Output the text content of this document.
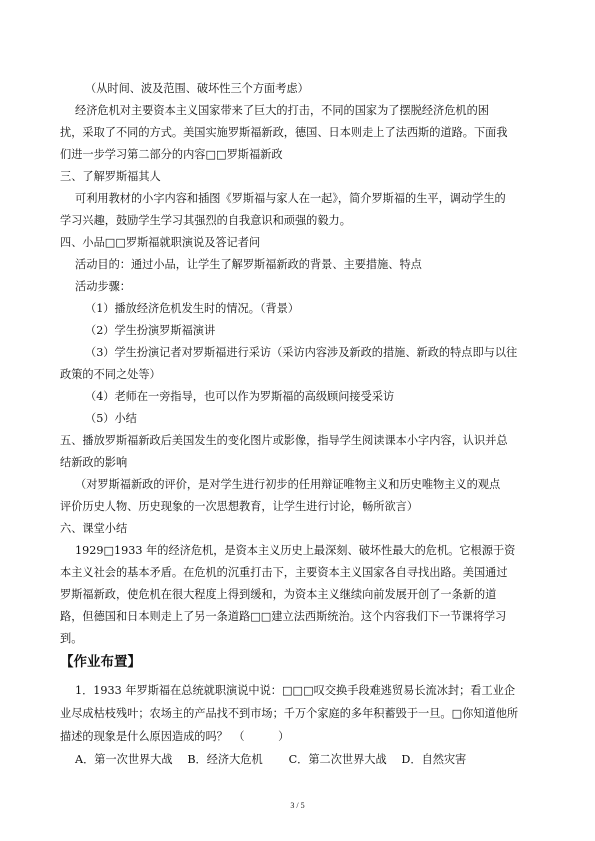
（从时间、波及范围、破坏性三个方面考虑）
经济危机对主要资本主义国家带来了巨大的打击，不同的国家为了摆脱经济危机的困
扰，采取了不同的方式。美国实施罗斯福新政，德国、日本则走上了法西斯的道路。下面我
们进一步学习第二部分的内容□□罗斯福新政
三、了解罗斯福其人
可利用教材的小字内容和插图《罗斯福与家人在一起》，简介罗斯福的生平，调动学生的
学习兴趣，鼓励学生学习其强烈的自我意识和顽强的毅力。
四、小品□□罗斯福就职演说及答记者问
活动目的：通过小品，让学生了解罗斯福新政的背景、主要措施、特点
活动步骤：
（1）播放经济危机发生时的情况。（背景）
（2）学生扮演罗斯福演讲
（3）学生扮演记者对罗斯福进行采访（采访内容涉及新政的措施、新政的特点即与以往
政策的不同之处等）
（4）老师在一旁指导，也可以作为罗斯福的高级顾问接受采访
（5）小结
五、播放罗斯福新政后美国发生的变化图片或影像，指导学生阅读课本小字内容，认识并总
结新政的影响
（对罗斯福新政的评价，是对学生进行初步的任用辩证唯物主义和历史唯物主义的观点
评价历史人物、历史现象的一次思想教育，让学生进行讨论，畅所欲言）
六、课堂小结
1929□1933 年的经济危机，是资本主义历史上最深刻、破坏性最大的危机。它根源于资
本主义社会的基本矛盾。在危机的沉重打击下，主要资本主义国家各自寻找出路。美国通过
罗斯福新政，使危机在很大程度上得到缓和，为资本主义继续向前发展开创了一条新的道
路，但德国和日本则走上了另一条道路□□建立法西斯统治。这个内容我们下一节课将学习
到。
【作业布置】
1．1933 年罗斯福在总统就职演说中说：□□□叹交换手段难逃贸易长流冰封；看工业企
业尽成枯枝残叶；农场主的产品找不到市场；千万个家庭的多年积蓄毁于一旦。□你知道他所
描述的现象是什么原因造成的吗？　（　　　）
A．第一次世界大战　 B．经济大危机　　 C．第二次世界大战　 D．自然灾害
3 / 5
